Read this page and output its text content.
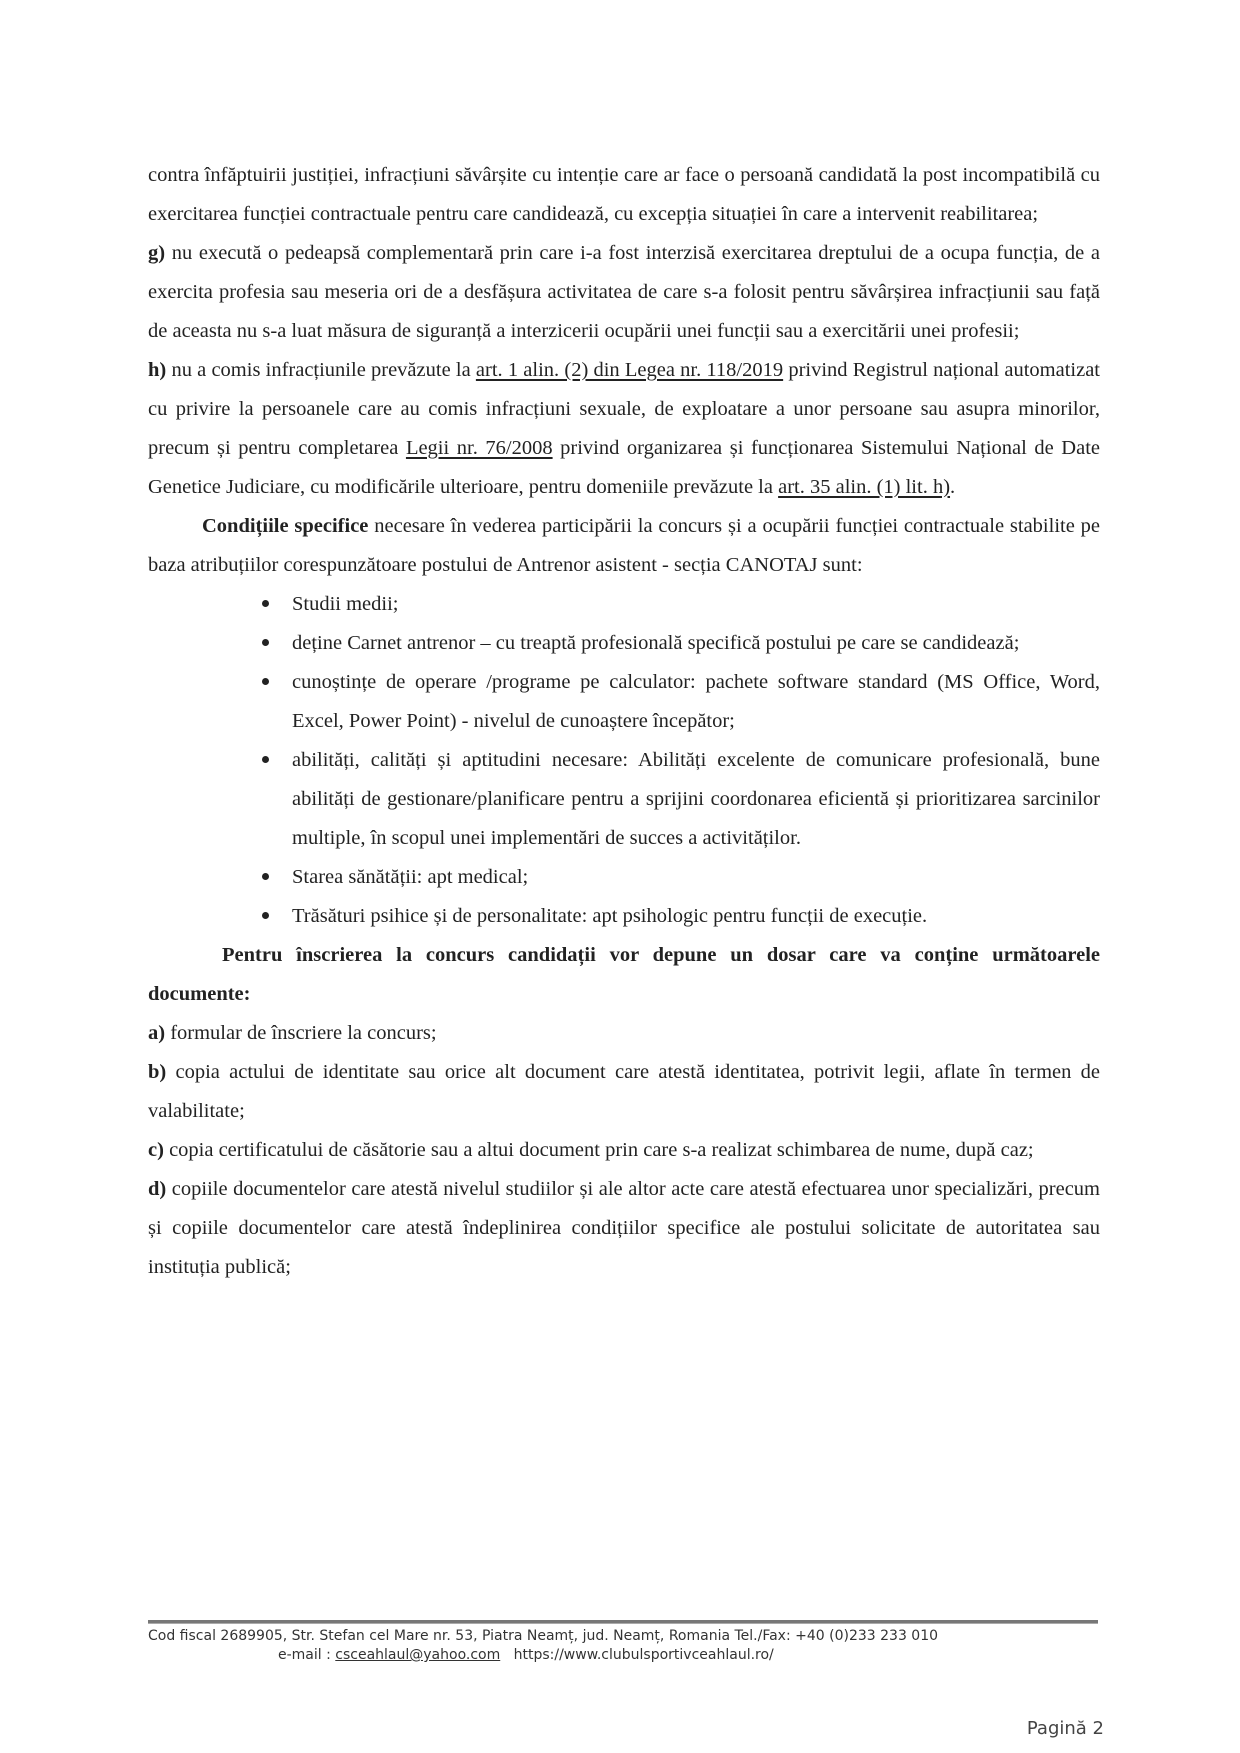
contra înfăptuirii justiției, infracțiuni săvârșite cu intenție care ar face o persoană candidată la post incompatibilă cu exercitarea funcției contractuale pentru care candidează, cu excepția situației în care a intervenit reabilitarea;

g) nu execută o pedeapsă complementară prin care i-a fost interzisă exercitarea dreptului de a ocupa funcția, de a exercita profesia sau meseria ori de a desfășura activitatea de care s-a folosit pentru săvârșirea infracțiunii sau față de aceasta nu s-a luat măsura de siguranță a interzicerii ocupării unei funcții sau a exercitării unei profesii;

h) nu a comis infracțiunile prevăzute la art. 1 alin. (2) din Legea nr. 118/2019 privind Registrul național automatizat cu privire la persoanele care au comis infracțiuni sexuale, de exploatare a unor persoane sau asupra minorilor, precum și pentru completarea Legii nr. 76/2008 privind organizarea și funcționarea Sistemului Național de Date Genetice Judiciare, cu modificările ulterioare, pentru domeniile prevăzute la art. 35 alin. (1) lit. h).

Condițiile specifice necesare în vederea participării la concurs și a ocupării funcției contractuale stabilite pe baza atribuțiilor corespunzătoare postului de Antrenor asistent - secția CANOTAJ sunt:

Studii medii;
deține Carnet antrenor – cu treaptă profesională specifică postului pe care se candidează;
cunoștințe de operare /programe pe calculator: pachete software standard (MS Office, Word, Excel, Power Point) - nivelul de cunoaștere începător;
abilități, calități și aptitudini necesare: Abilități excelente de comunicare profesională, bune abilități de gestionare/planificare pentru a sprijini coordonarea eficientă și prioritizarea sarcinilor multiple, în scopul unei implementări de succes a activităților.
Starea sănătății: apt medical;
Trăsături psihice și de personalitate: apt psihologic pentru funcții de execuție.

Pentru înscrierea la concurs candidații vor depune un dosar care va conține următoarele documente:

a) formular de înscriere la concurs;

b) copia actului de identitate sau orice alt document care atestă identitatea, potrivit legii, aflate în termen de valabilitate;

c) copia certificatului de căsătorie sau a altui document prin care s-a realizat schimbarea de nume, după caz;

d) copiile documentelor care atestă nivelul studiilor și ale altor acte care atestă efectuarea unor specializări, precum și copiile documentelor care atestă îndeplinirea condițiilor specifice ale postului solicitate de autoritatea sau instituția publică;

Cod fiscal 2689905, Str. Stefan cel Mare nr. 53, Piatra Neamț, jud. Neamț, Romania Tel./Fax: +40 (0)233 233 010
e-mail : csceahlaul@yahoo.com https://www.clubulsportivceahlaul.ro/
Pagină 2
